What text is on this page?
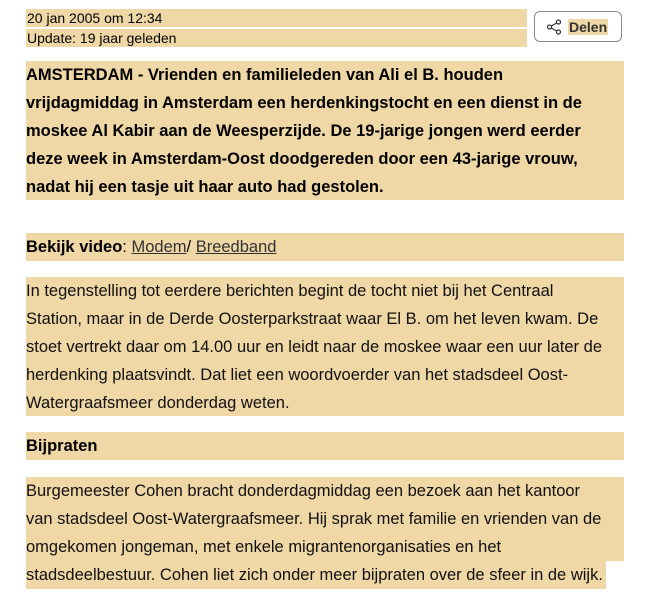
20 jan 2005 om 12:34
Update: 19 jaar geleden
Delen

AMSTERDAM - Vrienden en familieleden van Ali el B. houden

vrijdagmiddag in Amsterdam een herdenkingstocht en een dienst in de

moskee Al Kabir aan de Weesperzijde. De 19-jarige jongen werd eerder

deze week in Amsterdam-Oost doodgereden door een 43-jarige vrouw,

nadat hij een tasje uit haar auto had gestolen.

Bekijk video: Modem/ Breedband

In tegenstelling tot eerdere berichten begint de tocht niet bij het Centraal

Station, maar in de Derde Oosterparkstraat waar El B. om het leven kwam. De

stoet vertrekt daar om 14.00 uur en leidt naar de moskee waar een uur later de

herdenking plaatsvindt. Dat liet een woordvoerder van het stadsdeel Oost-

Watergraafsmeer donderdag weten.

Bijpraten

Burgemeester Cohen bracht donderdagmiddag een bezoek aan het kantoor

van stadsdeel Oost-Watergraafsmeer. Hij sprak met familie en vrienden van de

omgekomen jongeman, met enkele migrantenorganisaties en het

stadsdeelbestuur. Cohen liet zich onder meer bijpraten over de sfeer in de wijk.
